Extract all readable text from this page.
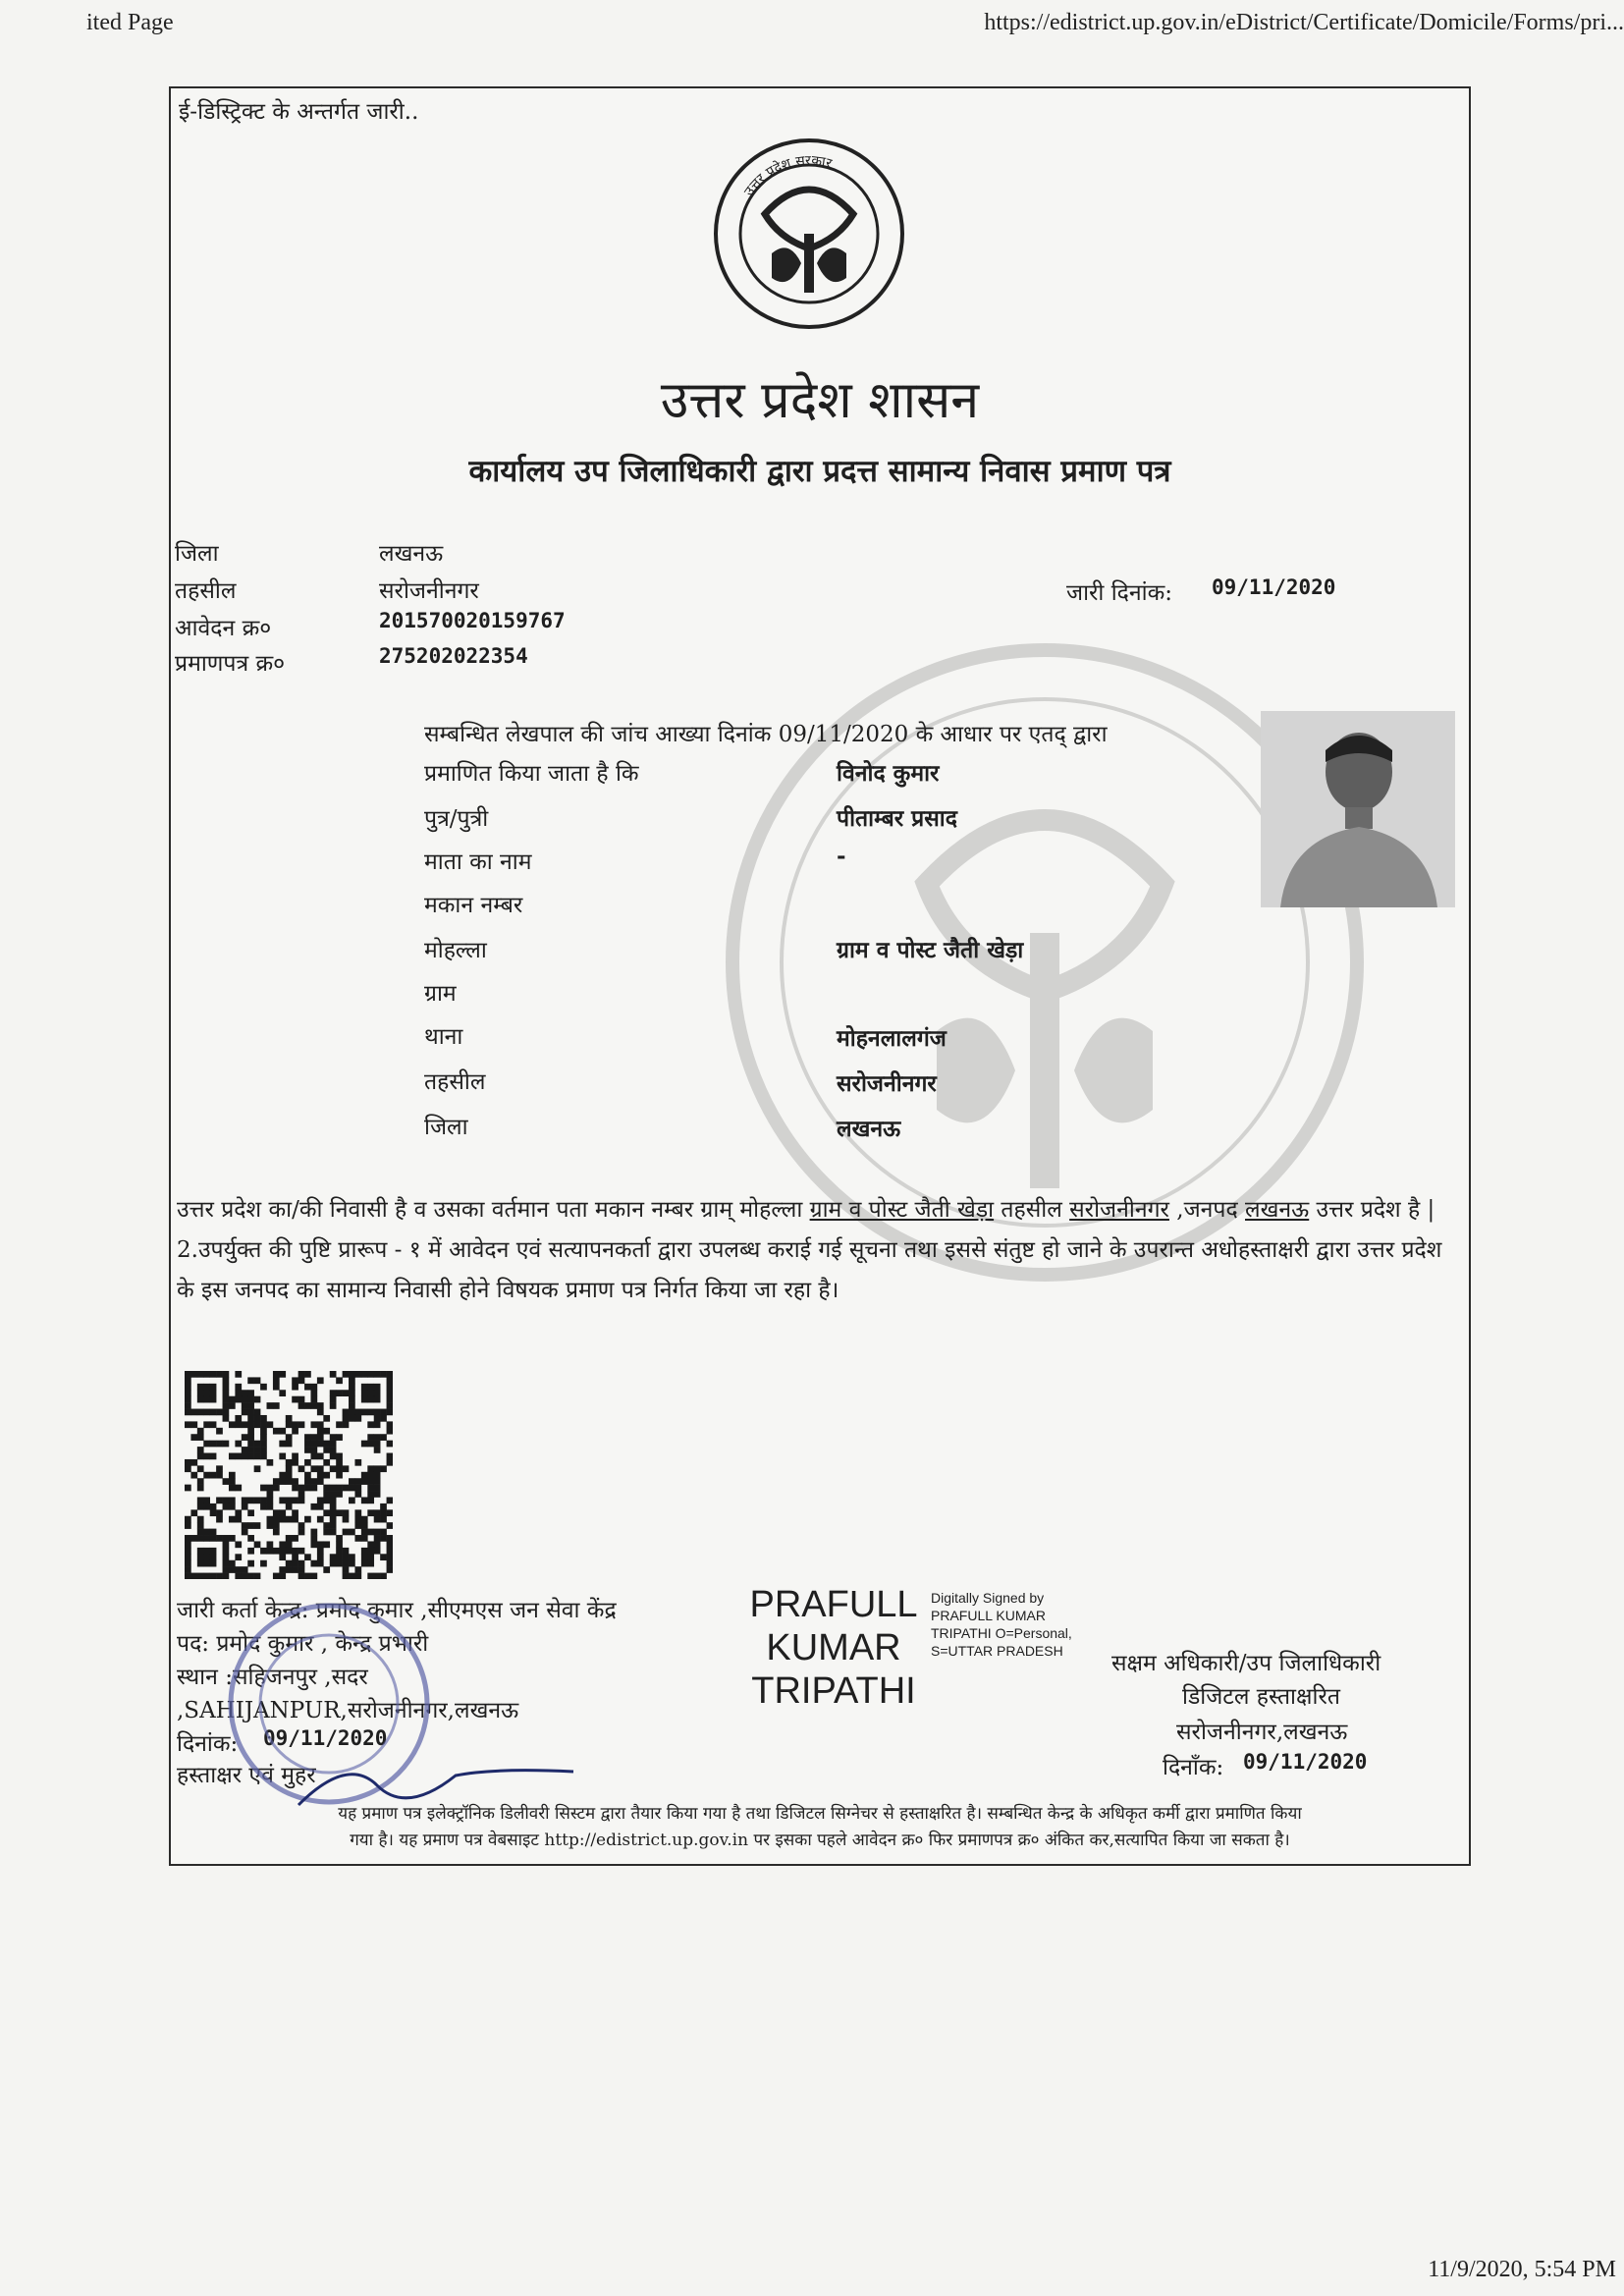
ited Page	https://edistrict.up.gov.in/eDistrict/Certificate/Domicile/Forms/pri...
ई-डिस्ट्रिक्ट के अन्तर्गत जारी..
उत्तर प्रदेश सरकार
उत्तर प्रदेश शासन
कार्यालय उप जिलाधिकारी द्वारा प्रदत्त सामान्य निवास प्रमाण पत्र
जिला	लखनऊ
तहसील	सरोजनीनगर
आवेदन क्र०	201570020159767
प्रमाणपत्र क्र०	275202022354
जारी दिनांक: 09/11/2020
सम्बन्धित लेखपाल की जांच आख्या दिनांक 09/11/2020 के आधार पर एतद् द्वारा
प्रमाणित किया जाता है कि	विनोद कुमार
पुत्र/पुत्री	पीताम्बर प्रसाद
माता का नाम	-
मकान नम्बर
मोहल्ला	ग्राम व पोस्ट जैती खेड़ा
ग्राम
थाना	मोहनलालगंज
तहसील	सरोजनीनगर
जिला	लखनऊ
उत्तर प्रदेश का/की निवासी है व उसका वर्तमान पता मकान नम्बर ग्राम् मोहल्ला ग्राम व पोस्ट जैती खेड़ा तहसील सरोजनीनगर ,जनपद लखनऊ उत्तर प्रदेश है |
2.उपर्युक्त की पुष्टि प्रारूप - १ में आवेदन एवं सत्यापनकर्ता द्वारा उपलब्ध कराई गई सूचना तथा इससे संतुष्ट हो जाने के उपरान्त अधोहस्ताक्षरी द्वारा उत्तर प्रदेश के इस जनपद का सामान्य निवासी होने विषयक प्रमाण पत्र निर्गत किया जा रहा है।
जारी कर्ता केन्द्र: प्रमोद कुमार ,सीएमएस जन सेवा केंद्र
पद: प्रमोद कुमार , केन्द्र प्रभारी
स्थान :सहिजनपुर ,सदर
,SAHIJANPUR,सरोजनीनगर,लखनऊ
दिनांक: 09/11/2020
हस्ताक्षर एवं मुहर
PRAFULL
KUMAR
TRIPATHI
Digitally Signed by
PRAFULL KUMAR
TRIPATHI O=Personal,
S=UTTAR PRADESH	सक्षम अधिकारी/उप जिलाधिकारी
डिजिटल हस्ताक्षरित
सरोजनीनगर,लखनऊ
दिनाँक: 09/11/2020
यह प्रमाण पत्र इलेक्ट्रॉनिक डिलीवरी सिस्टम द्वारा तैयार किया गया है तथा डिजिटल सिग्नेचर से हस्ताक्षरित है। सम्बन्धित केन्द्र के अधिकृत कर्मी द्वारा प्रमाणित किया
गया है। यह प्रमाण पत्र वेबसाइट http://edistrict.up.gov.in पर इसका पहले आवेदन क्र० फिर प्रमाणपत्र क्र० अंकित कर,सत्यापित किया जा सकता है।
11/9/2020, 5:54 PM
